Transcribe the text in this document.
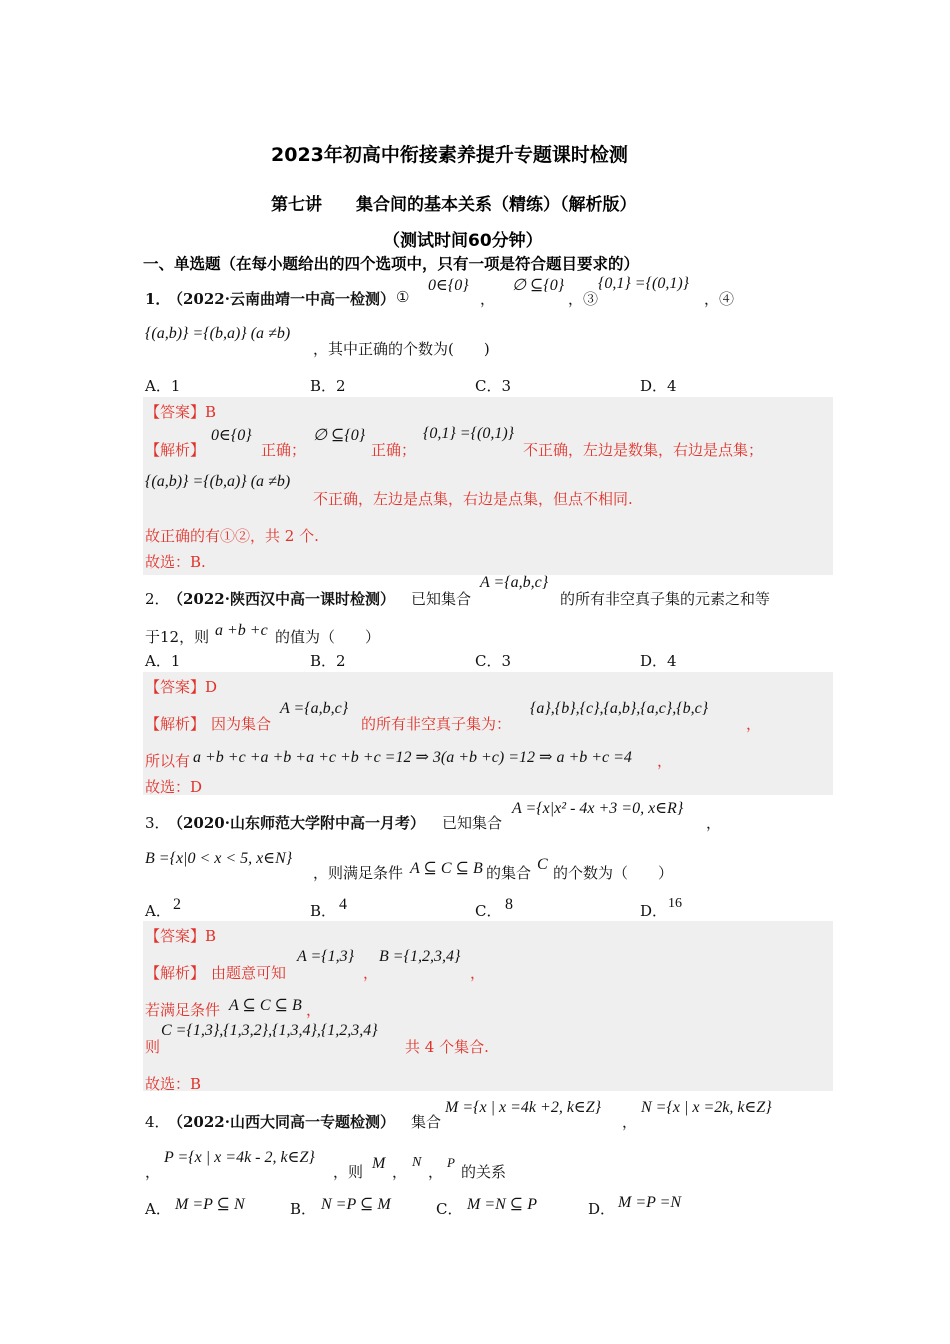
2023年初高中衔接素养提升专题课时检测
第七讲 集合间的基本关系（精练）（解析版）
（测试时间60分钟）
一、单选题（在每小题给出的四个选项中，只有一项是符合题目要求的）
1．
（2022·云南曲靖一中高一检测） ①
0∈{0}
，
∅ ⊆{0}
，③
{0,1} ={(0,1)}
，④
{(a,b)} ={(b,a)} (a ≠b)
，其中正确的个数为(　　)
A．1	B．2	C．3	D．4
【答案】B
【解析】
0∈{0}
正确；
∅ ⊆{0}
正确；
{0,1} ={(0,1)}
不正确，左边是数集，右边是点集；
{(a,b)} ={(b,a)} (a ≠b)
不正确，左边是点集，右边是点集，但点不相同.
故正确的有①②，共 2 个.
故选：B.
2．
（2022·陕西汉中高一课时检测） 已知集合
A ={a,b,c}
的所有非空真子集的元素之和等
于12，则 a +b +c 的值为（　　）
A．1	B．2	C．3	D．4
【答案】D
【解析】 因为集合
A ={a,b,c}
的所有非空真子集为：
{a},{b},{c},{a,b},{a,c},{b,c}
，
所以有 a +b +c +a +b +a +c +b +c =12 ⇒ 3(a +b +c) =12 ⇒ a +b +c =4 ，
故选：D
3．
（2020·山东师范大学附中高一月考） 已知集合
A ={x|x² - 4x +3 =0, x∈R}
，
B ={x|0 < x < 5, x∈N}
，则满足条件 A ⊆ C ⊆ B 的集合 C 的个数为（　　）
A． 2	B． 4	C． 8	D． 16
【答案】B
【解析】 由题意可知
A ={1,3}
，
B ={1,2,3,4}
，
若满足条件 A ⊆ C ⊆ B ，
则
C ={1,3},{1,3,2},{1,3,4},{1,2,3,4}
共 4 个集合.
故选：B
4．
（2022·山西大同高一专题检测） 集合
M ={x | x =4k +2, k∈Z}
，
N ={x | x =2k, k∈Z}
，
P ={x | x =4k - 2, k∈Z}
，则 M ，
N
，
P
的关系
A． M =P ⊆ N	B． N =P ⊆ M	C． M =N ⊆ P	D． M =P =N
